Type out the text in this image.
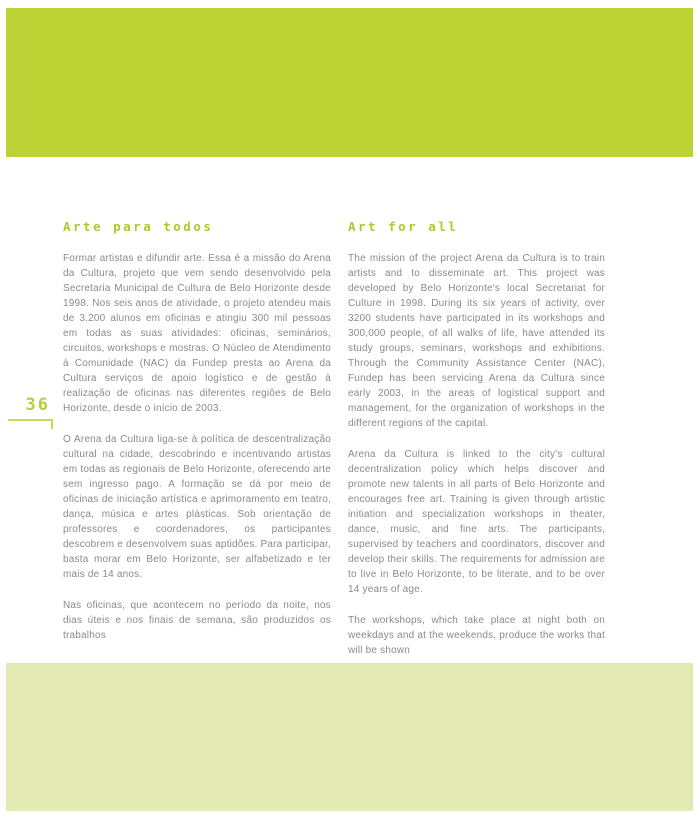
36
Arte para todos

Formar artistas e difundir arte. Essa é a missão do Arena da Cultura, projeto que vem sendo desenvolvido pela Secretaria Municipal de Cultura de Belo Horizonte desde 1998. Nos seis anos de atividade, o projeto atendeu mais de 3.200 alunos em oficinas e atingiu 300 mil pessoas em todas as suas atividades: oficinas, seminários, circuitos, workshops e mostras. O Núcleo de Atendimento à Comunidade (NAC) da Fundep presta ao Arena da Cultura serviços de apoio logístico e de gestão à realização de oficinas nas diferentes regiões de Belo Horizonte, desde o início de 2003.

O Arena da Cultura liga-se à política de descentralização cultural na cidade, descobrindo e incentivando artistas em todas as regionais de Belo Horizonte, oferecendo arte sem ingresso pago. A formação se dá por meio de oficinas de iniciação artística e aprimoramento em teatro, dança, música e artes plásticas. Sob orientação de professores e coordenadores, os participantes descobrem e desenvolvem suas aptidões. Para participar, basta morar em Belo Horizonte, ser alfabetizado e ter mais de 14 anos.

Nas oficinas, que acontecem no período da noite, nos dias úteis e nos finais de semana, são produzidos os trabalhos

Art for all

The mission of the project Arena da Cultura is to train artists and to disseminate art. This project was developed by Belo Horizonte's local Secretariat for Culture in 1998. During its six years of activity, over 3200 students have participated in its workshops and 300,000 people, of all walks of life, have attended its study groups, seminars, workshops and exhibitions. Through the Community Assistance Center (NAC), Fundep has been servicing Arena da Cultura since early 2003, in the areas of logistical support and management, for the organization of workshops in the different regions of the capital.

Arena da Cultura is linked to the city's cultural decentralization policy which helps discover and promote new talents in all parts of Belo Horizonte and encourages free art. Training is given through artistic initiation and specialization workshops in theater, dance, music, and fine arts. The participants, supervised by teachers and coordinators, discover and develop their skills. The requirements for admission are to live in Belo Horizonte, to be literate, and to be over 14 years of age.

The workshops, which take place at night both on weekdays and at the weekends, produce the works that will be shown
